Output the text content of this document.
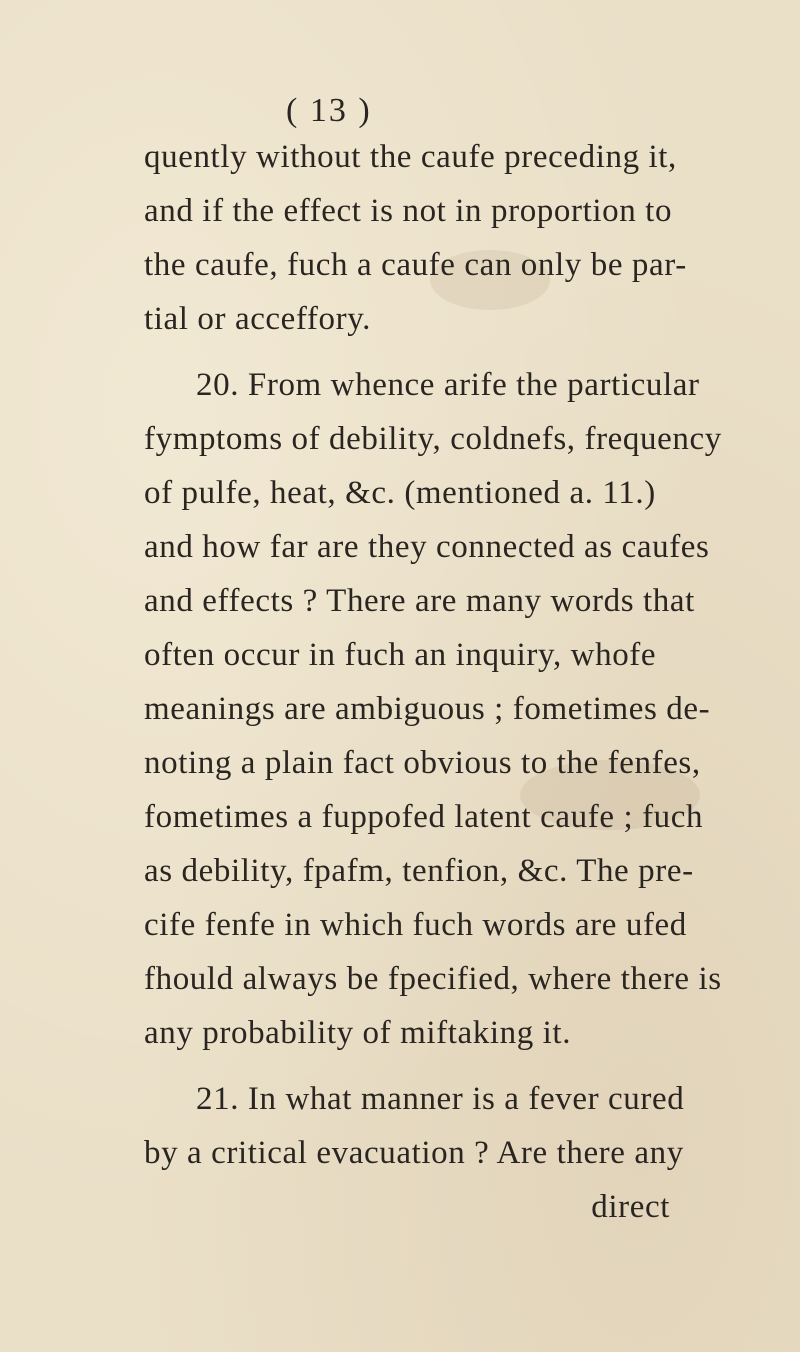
( 13 )
quently without the caufe preceding it,
and if the effect is not in proportion to
the caufe, fuch a caufe can only be par-
tial or acceffory.
20. From whence arife the particular
fymptoms of debility, coldnefs, frequency
of pulfe, heat, &c. (mentioned a. 11.)
and how far are they connected as caufes
and effects ? There are many words that
often occur in fuch an inquiry, whofe
meanings are ambiguous ; fometimes de-
noting a plain fact obvious to the fenfes,
fometimes a fuppofed latent caufe ; fuch
as debility, fpafm, tenfion, &c. The pre-
cife fenfe in which fuch words are ufed
fhould always be fpecified, where there is
any probability of miftaking it.
21. In what manner is a fever cured
by a critical evacuation ? Are there any
direct
